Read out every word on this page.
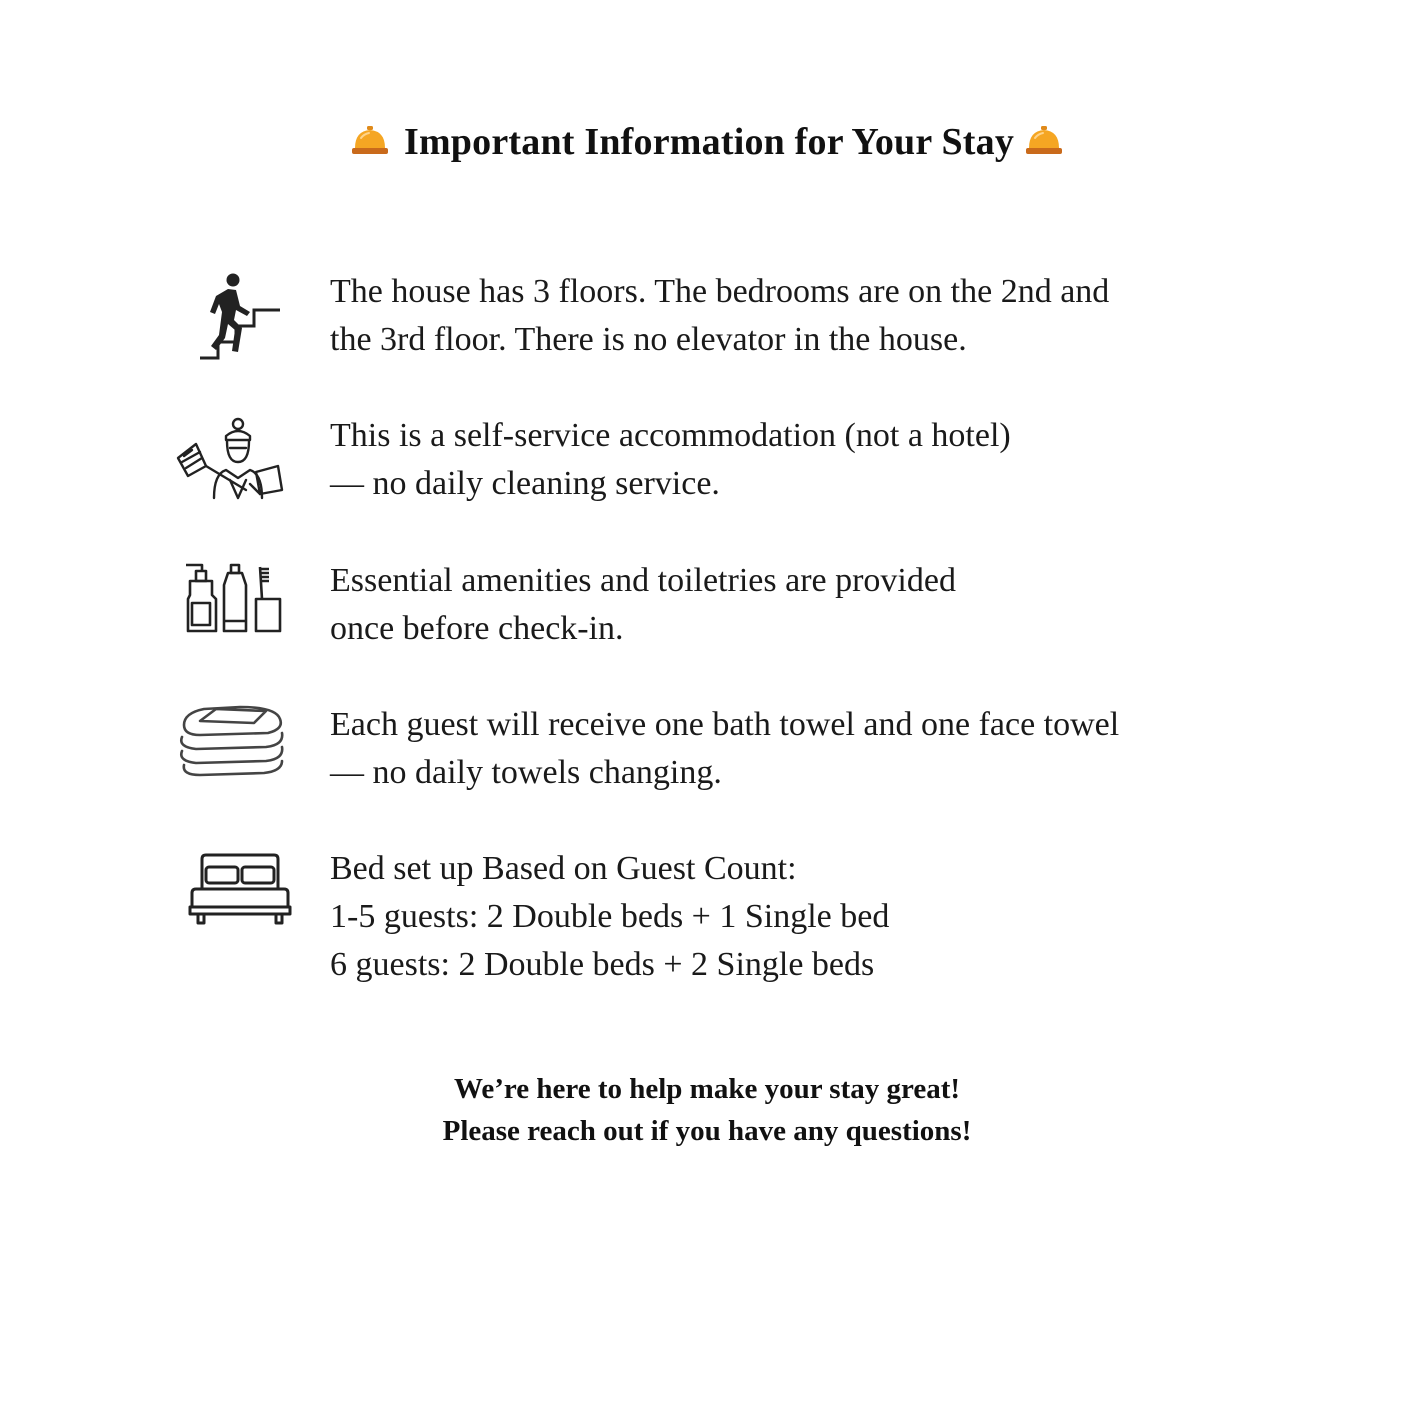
Important Information for Your Stay
The house has 3 floors. The bedrooms are on the 2nd and
the 3rd floor. There is no elevator in the house.
This is a self-service accommodation (not a hotel)
— no daily cleaning service.
Essential amenities and toiletries are provided
once before check-in.
Each guest will receive one bath towel and one face towel
— no daily towels changing.
Bed set up Based on Guest Count:
1-5 guests: 2 Double beds + 1 Single bed
6 guests: 2 Double beds + 2 Single beds
We’re here to help make your stay great!
Please reach out if you have any questions!
